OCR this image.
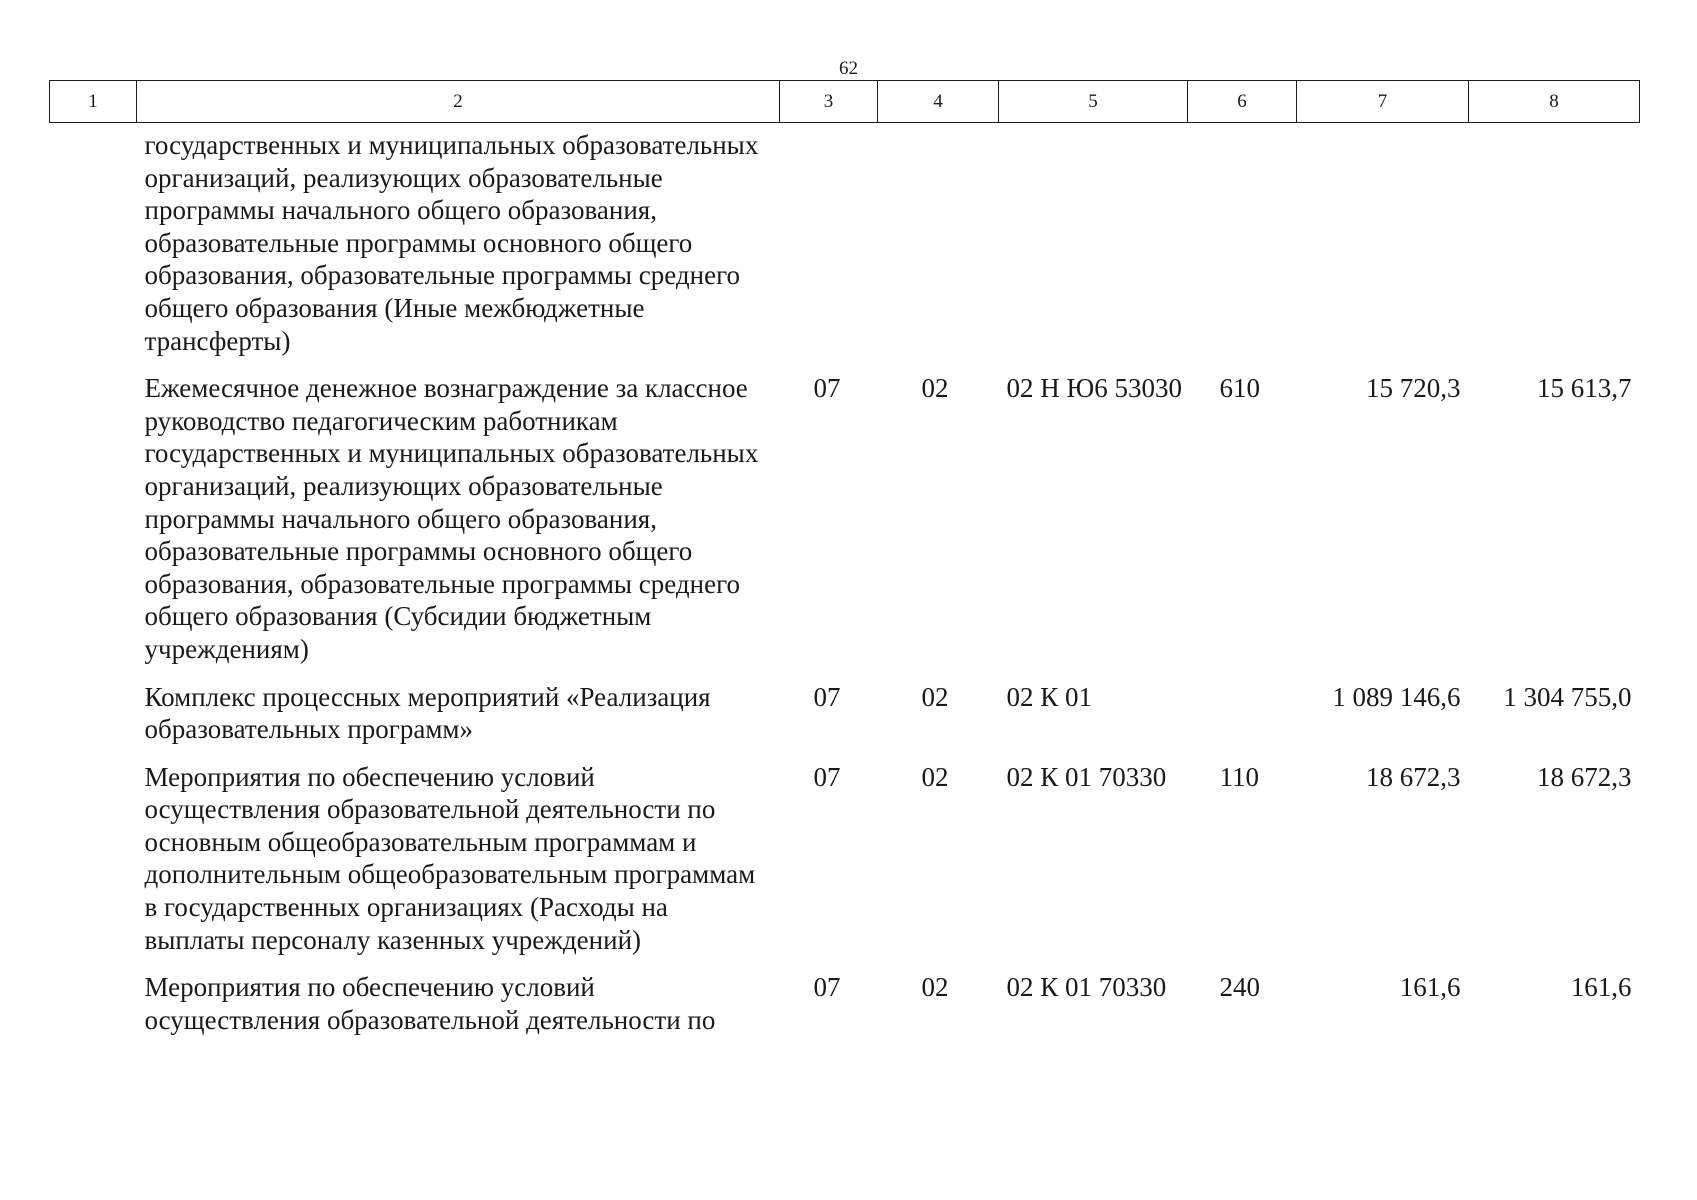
62
1	2	3	4	5	6	7	8
	государственных и муниципальных образовательных организаций, реализующих образовательные программы начального общего образования, образовательные программы основного общего образования, образовательные программы среднего общего образования (Иные межбюджетные трансферты)						
	Ежемесячное денежное вознаграждение за классное руководство педагогическим работникам государственных и муниципальных образовательных организаций, реализующих образовательные программы начального общего образования, образовательные программы основного общего образования, образовательные программы среднего общего образования (Субсидии бюджетным учреждениям)	07	02	02 Н Ю6 53030	610	15 720,3	15 613,7
	Комплекс процессных мероприятий «Реализация образовательных программ»	07	02	02 К 01		1 089 146,6	1 304 755,0
	Мероприятия по обеспечению условий осуществления образовательной деятельности по основным общеобразовательным программам и дополнительным общеобразовательным программам в государственных организациях (Расходы на выплаты персоналу казенных учреждений)	07	02	02 К 01 70330	110	18 672,3	18 672,3
	Мероприятия по обеспечению условий осуществления образовательной деятельности по	07	02	02 К 01 70330	240	161,6	161,6
